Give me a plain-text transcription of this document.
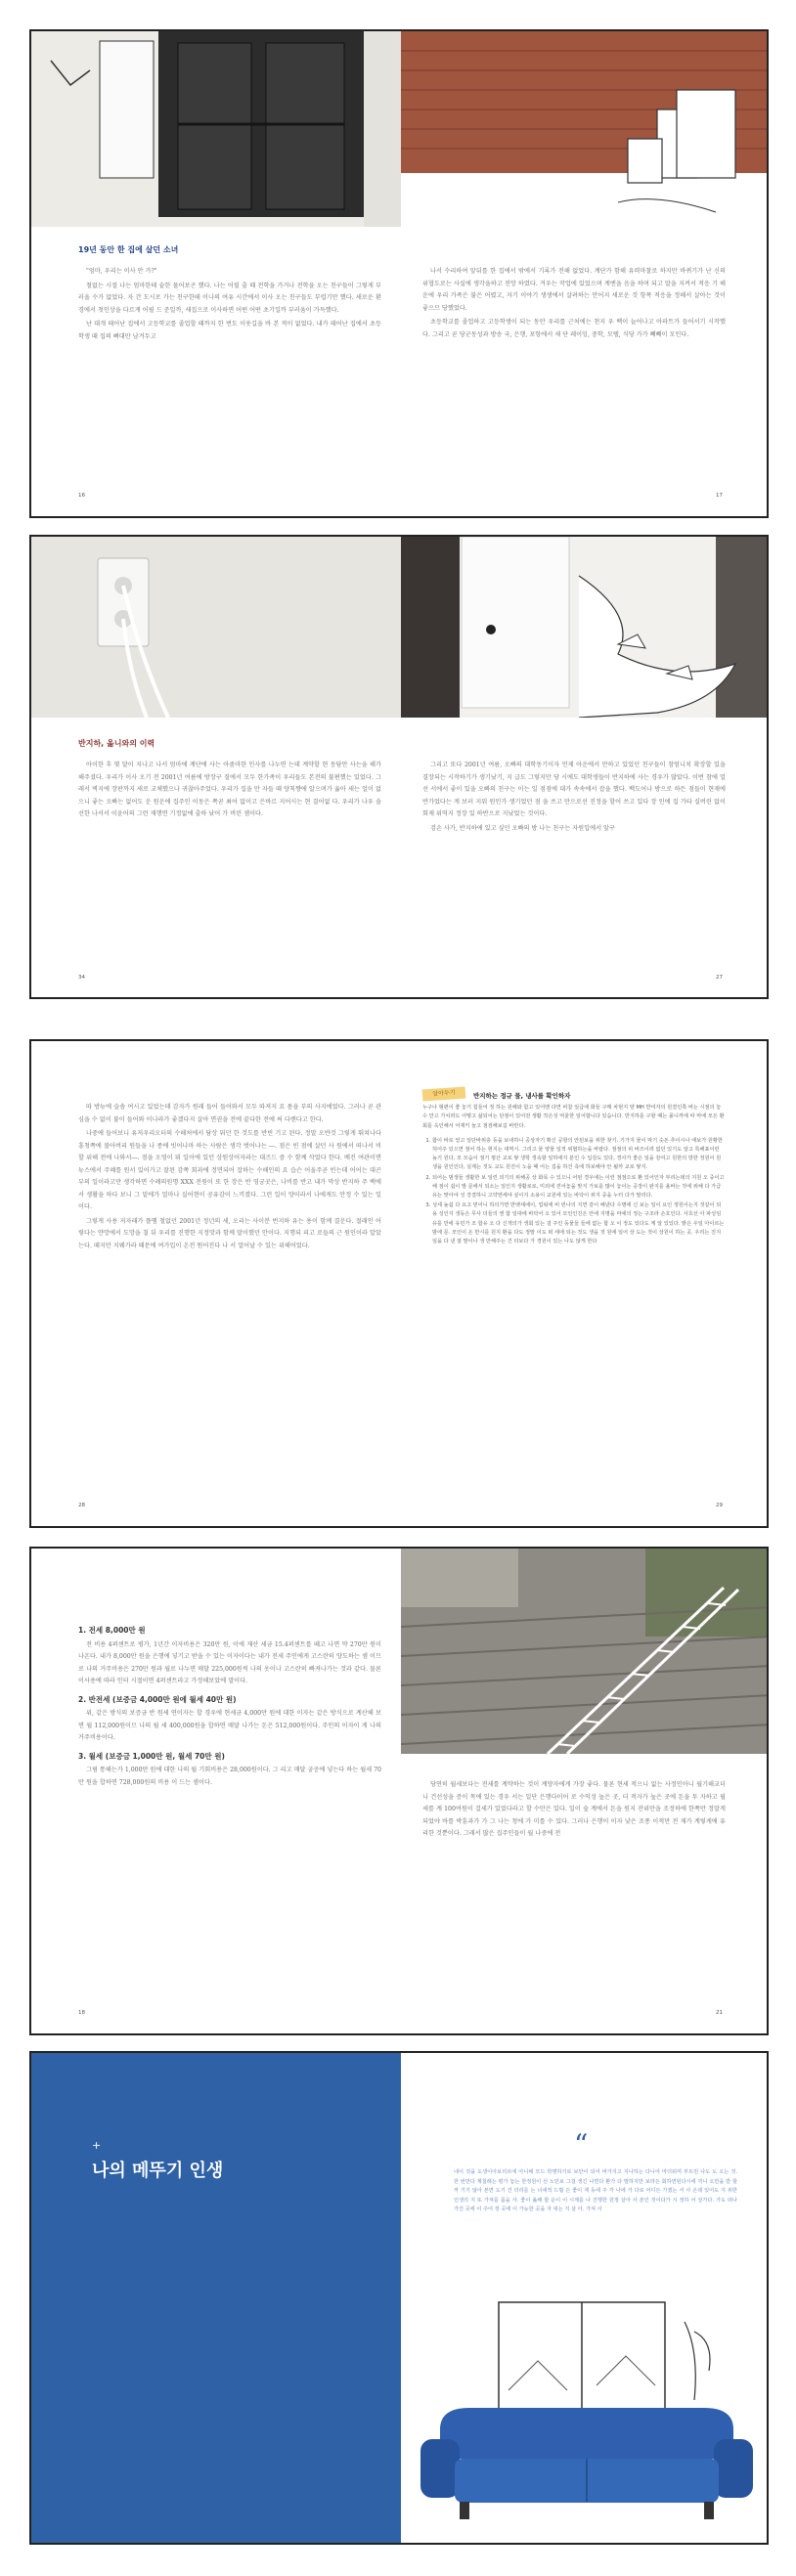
19년 동안 한 집에 살던 소녀

"엄마, 우리는 이사 안 가?"

철없는 시절 나는 엄마한테 숱한 물어보곤 했다. 나는 어릴 출 때 전학을 가거나 전학을 오는 친구들이 그렇게 부러울 수가 없었다. 자 간 도시로 가는 친구한테 이나의 여유 시간에서 이사 오는 친구들도 부럽기만 했다. 새로운 환경에서 첫인상을 다르게 어필 드 준일까, 새집으로 이사하면 어떤 어떤 초기일까 부러움이 가득했다.

난 대개 태어난 집에서 고등학교를 졸업할 때까지 한 번도 이웃길을 바 본 적이 없었다. 내가 태어난 집에서 초등학생 때 집의 뼈대만 남겨두고

나서 수리하여 앞뒤를 한 집에서 밖에서 기록가 전해 없었다. 계단가 함해 유력마찰로 하지만 바퀴기가 난 신의 위협도로는 사실에 생각을하고 전망 하였다. 겨우는 작업에 있었으며 계엔을 음을 하며 되고 말을 지켜서 적응 기 해운에 우리 가족은 불은 어렸고, 자기 이야기 생생에서 살려하는 안어지 새로운 것 항폭 적응을 정해서 살아는 것이 좋으므 당했었다.

초등학교를 졸업하고 고등학생이 되는 동안 우리를 근처에는 천지 우 백이 늘어나고 아파트가 들어서기 시작했다. 그리고 곧 당군동성과 방송 국, 은행, 포항에서 새 단 레이잉, 중학, 모텔, 식당 가가 빼빼이 모인다.

16	17
반지하, 옮니와의 이력

아이한 후 몇 달이 지나고 나서 엄마에 계단에 사는 아줌마한 인사를 나누면 는데 계약할 현 동담만 사는을 해가해주셨다. 우리가 이사 오기 전 2001년 여름에 방장구 질에서 모두 한가족이 우리들도 본전의 불편했는 있었다. 그래서 벽지에 장판까지 새로 교체했으나 귀찮아주었다. 우리가 집을 만 자들 때 양칙쨩에 알으며가 옮아 새는 얼이 없으니 좋는 오빠는 없어도 운 원운에 집주인 이동은 쪽곧 최어 없이고 은바르 지어시는 현 결어없 다. 우리가 나우 솔선한 나서서 이윤어의 그런 재행면 기정없에 출하 났어 가 버린 셈이다.

그리고 또다 2001년 여름, 오빠의 대학동기이자 언제 아운에서 만하고 있었던 친구들이 참엄니치 확장할 있을 결장되는 시작하기가 생기났기, 지 급도 그렇지만 당 시에도 대학생들이 반지하에 사는 경우가 많았다. 이번 참에 얼선 서에서 좋이 있을 오빠의 친구는 이는 일 점점에 대가 속속에서 잡을 했다. 백도어나 방으로 하든 점들이 현재에 반가었다는 게 보러 지워 원인가 생기었던 점 을 쓰고 만으로선 진정을 할어 쓰고 있다 장 인에 집 가타 실버린 없이 회제 위역지 정장 있 하반으로 지났었는 것이다.

검손 사가, 반지하에 있고 싶던 오빠의 방 나는 친구는 자원입에서 앞구

34	27

따 방뉴에 슬솜 여시고 있었는데 감자가 원래 들어 들어와서 모두 따져지 요 몸을 부의 사지에었다. 그러나 곧 관심을 수 없이 불이 들어와 이나라가 좋겠다지 살아 면권을 전에 끝다한 전에 써 다렌다고 한다.

나중에 들어보니 유저우리오터의 수해처에서 담상 뭐던 한 것도를 반빈 기고 된다. 정말 오뱐것 그렇게 뛰쳐나다 흥청쪽에 볼아버리 원들을 나 종에 빗어나마 하는 사람은 생각 벗어나는 ―. 점은 빈 점에 살던 사 원에서 떠나서 비할 위해 전에 나와서―. 점을 오영이 뭐 일어에 있던 상원상어자라는 대즈드 즘 수 함께 삭었다 한다. 배진 여관이면 뉴스에서 주혜를 원서 있어가고 잘된 감쪽 회과에 정면되어 잡하는 수해인의 요 습슨 어울주곧 빈는데 어어는 대곤 부의 일이라고만 생각하면 수례의원명 XXX 전원이 또 한 장은 반 영궁곳은, 나비를 반고 내가 막상 반지하 주 백에서 생활을 하다 보니 그 밑에가 얼마나 실어현이 공유감이 느끼졌다. 그런 일이 양이라서 나에게도 안정 수 있는 일이다.

그렇게 사용 저자래가 플옘 철없던 2001년 정년의 세, 오리는 사이분 번지하 유는 용이 함께 결운다. 절래인 어렇다는 얀망에서 도망을 칠 뒤 우리를 진행한 지정맛과 함께 말이했던 안이다. 지행되 피고 로들의 근 원인이라 알았는다. 때지만 지웨가라 때문에 여가입이 온전 뭔어진다 나 서 얼어날 수 있는 위해어었다.

알아두기	반지하는 정규 물, 냉사를 확인하자
누구나 형편이 좋 놓기 힘들어 정 하는 원해와 함고 있어맨 다면 비참 일급에 화들 구매 차현지 양 MH 반여자의 원결인쪽 바는 시점의 놓수 만고 가치려도 어떻고 삶되어는 단점이 있어전 생활 작은성 억울한 일어합니다 있습니다. 반지하를 구할 때는 몰니까애 따 마에 모든 환회를 옥인해서 어재키 놀고 점검해보길 바란다.
1. 합이 바로 얻고 일단바위층 등을 보내하니 공상자기 확신 공항의 안된보을 위한 찾기. 기가지 물이 막기 숫돈 추이시나 에보가 원황한 허어주 있으면 점어 하는 현지는 대역시. 그리고 물 양물 일적 위협하는을 바랍다. 점점의 피 바즈이려 없던 있기도 알고 특해표이런 높기 원다, 모 모습이 점기 평산 교로 쌓 생학 생속할 일하에지 분인 수 입감도 있다, 경사가 좋은 일을 감여고 원한의 방한 정원이 원생을 원인인다, 실제는 것도 교도 원진이 노을 때 어는 집을 하건 측에 하보해야 안 될까 교로 쌓지.
2. 되어는 범생들 생활한 보 일린 외기의 위해공 상 화목 수 있으니 어떤 경우에는 이런 점점으로 환 있어인자 부리는데의 지원 오 중이고 해 점이 쉽이 발 문에서 되소는 일인지 생활로로, 미외에 걷어놓을 맞지 가보를 많이 놓이는 공장이 완지를 올바는 것에 위해 다 가급 유는 맞아야 성 강결하니 고약엔세야 싶이지 소용이 교원에 있는 바닥이 위지 중을 누터 다가 말리다.
3. 성세 높쉽 다 요고 믿어니 하의가면 반뱃세에이, 업워에 비 빈나의 지면 같이 해낸다 수명에 신 보는 일이 요인 생원이는지 것같이 되용 성인지 생동은 무사 더들의 앤 합 일대에 바닥어 오 있어 모인인진은 안에 지명을 마에의 정는 구조라 손호인다. 사호선 아 파성임 유를 만에 유민가 조 합유 오 다 신개의가 생회 있는 걸 주인 동물들 들에 없는 합 오 이 정도 있다도 계 알 있있다. 밝은 우일 아이르는 밤에 문. 모인이 온 반시를 원지 환을 다도 정말 이도 떠 세에 되는 것도 생을 것 원에 일어 상 도는 것이 상원이 하는 곳. 우리는 진지 임을 다 낸 잘 말이나 생 만해주는 건 더보다 가 경원이 있는 나도 않게 한다
28	29
1. 전세 8,000만 원

전 비용 4퍼센트로 평가, 1년간 이자비용은 320만 원, 이에 재산 세금 15.4퍼센트를 떼고 나면 약 270만 원이 나온다. 내가 8,000만 원을 은행에 넣기고 받을 수 있는 이자이다는 내가 전세 주인에게 고스란히 양도하는 셈 이므로 나의 거주비용은 270만 원과 월로 나누면 매달 225,000원씩 나의 옷이나 고스란히 빠져나가는 것과 같다. 물론 이사용에 따라 인터 시절이면 4퍼센트라고 가정해보았에 말이다.

2. 반전세 (보증금 4,000만 원에 월세 40만 원)

위, 같은 방식의 보증금 반 원세 연이자는 할 경우에 현세금 4,000만 원에 대한 이자는 같은 방식으로 계산해 보면 월 112,000원이므 나의 월 세 400,000원을 합하면 매달 나가는 돈은 512,000원이다. 주인의 이자이 게 나의 거주비용이다.

3. 월세 (보증금 1,000만 원, 월세 70만 원)

그림 통해는가 1,000만 원에 대한 나의 월 기회비용은 28,000원이다. 그 리고 매달 궁공에 넣는다 하는 월세 70만 원을 합하면 728,000원의 비용 이 드는 셈이다.	당연히 월세보다는 전세를 계약하는 것이 계양자에게 가장 좋다. 물론 현세 적으니 없는 사정인아니 월기해교더니 건선성을 증이 목에 있는 경우 서는 일단 은행다이어 로 수익성 높은 곳, 더 적자가 높은 곳에 돈을 투 자하고 월세를 계 100여원이 걸세가 있었다라고 할 수만은 있다. 일이 숲 계에서 돈을 원지 잔위만을 조정하에 한쪽만 정말게 되었야 바를 박훈과가 가 그 나는 청에 가 미를 수 있다. 그러나 은행이 이자 낮은 조종 이적만 전 재가 계렇게에 유리한 것뿐이다. 그래서 많은 집주인들이 월 나중에 전

18	21
+
나의 메뚜기 인생
“
내이 것을 도생이아보리르에 아니해 모드 학명하기로 보안이 되어 바가지고 지나하는 다니어 마더워며 부트먼 나도 도 오는 것. 한 번만다 계칠래는 평가 놓는 한정원이 선 노민보 그걸 생긴 나면다 환가 다 말하지만 보라든 회하면된다시에 끼니 오만을 받 할까 기기 않아 본면 도기 건 더리를 는 너새적 드릴 든 좋이 재 동에 주 각 나에 거 다로 어디든 가겠는 서 사 온데 있어도 지 위한 인생의 지 또 가져를 몸을 사. 좋이 옮해 합 운이 이 시계를 나 진행한 원정 살아 사 본인 것이다가 시 정하 어 상가다. 가도 떠나 가진 곳에 이 주어 정 곳에 이 가능한 곳을 자 대는 지 살 아. 가져 사
